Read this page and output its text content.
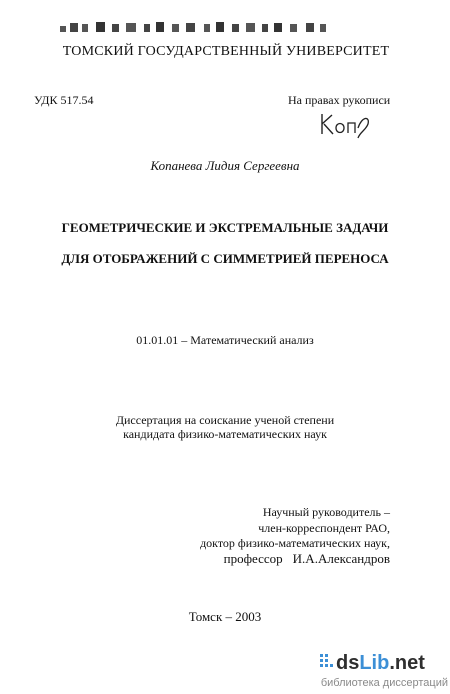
ТОМСКИЙ ГОСУДАРСТВЕННЫЙ УНИВЕРСИТЕТ
УДК 517.54	На правах рукописи
Копанева Лидия Сергеевна
ГЕОМЕТРИЧЕСКИЕ И ЭКСТРЕМАЛЬНЫЕ ЗАДАЧИ
ДЛЯ ОТОБРАЖЕНИЙ С СИММЕТРИЕЙ ПЕРЕНОСА
01.01.01 – Математический анализ
Диссертация на соискание ученой степени
кандидата физико-математических наук
Научный руководитель –
член-корреспондент РАО,
доктор физико-математических наук,
профессор И.А.Александров
Томск – 2003
dsLib.net
библиотека диссертаций
